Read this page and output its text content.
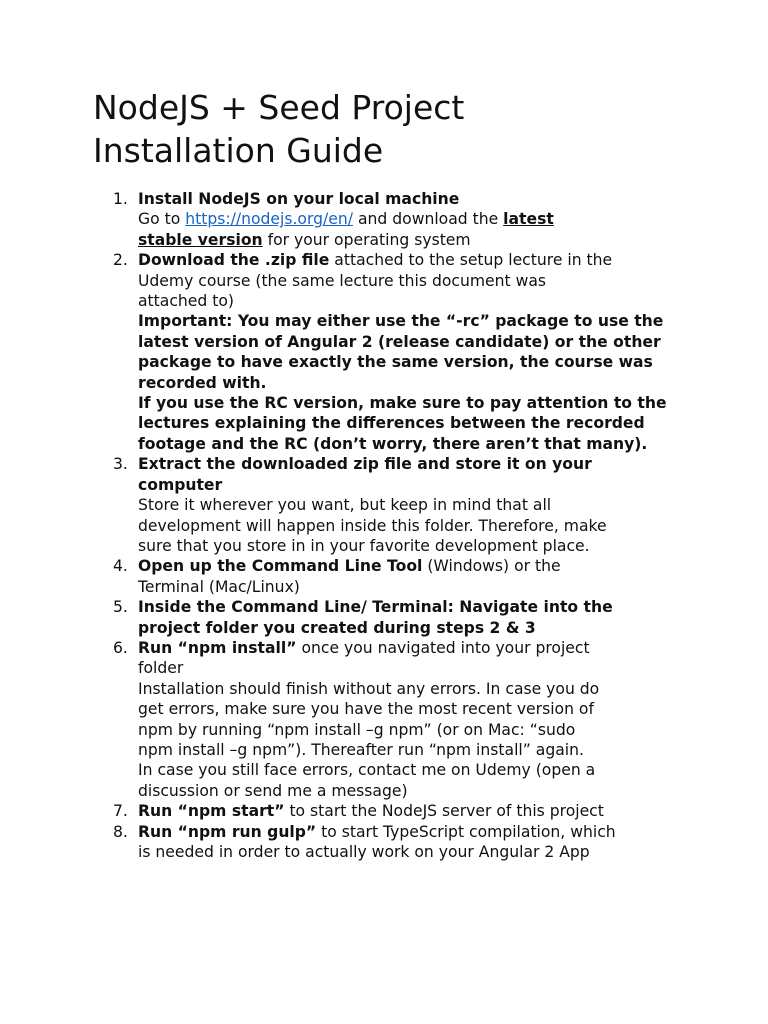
NodeJS + Seed Project
Installation Guide
1. Install NodeJS on your local machine
Go to https://nodejs.org/en/ and download the latest
stable version for your operating system
2. Download the .zip file attached to the setup lecture in the
Udemy course (the same lecture this document was
attached to)
Important: You may either use the “-rc” package to use the
latest version of Angular 2 (release candidate) or the other
package to have exactly the same version, the course was
recorded with.
If you use the RC version, make sure to pay attention to the
lectures explaining the differences between the recorded
footage and the RC (don’t worry, there aren’t that many).
3. Extract the downloaded zip file and store it on your
computer
Store it wherever you want, but keep in mind that all
development will happen inside this folder. Therefore, make
sure that you store in in your favorite development place.
4. Open up the Command Line Tool (Windows) or the
Terminal (Mac/Linux)
5. Inside the Command Line/ Terminal: Navigate into the
project folder you created during steps 2 & 3
6. Run “npm install” once you navigated into your project
folder
Installation should finish without any errors. In case you do
get errors, make sure you have the most recent version of
npm by running “npm install –g npm” (or on Mac: “sudo
npm install –g npm”). Thereafter run “npm install” again.
In case you still face errors, contact me on Udemy (open a
discussion or send me a message)
7. Run “npm start” to start the NodeJS server of this project
8. Run “npm run gulp” to start TypeScript compilation, which
is needed in order to actually work on your Angular 2 App
